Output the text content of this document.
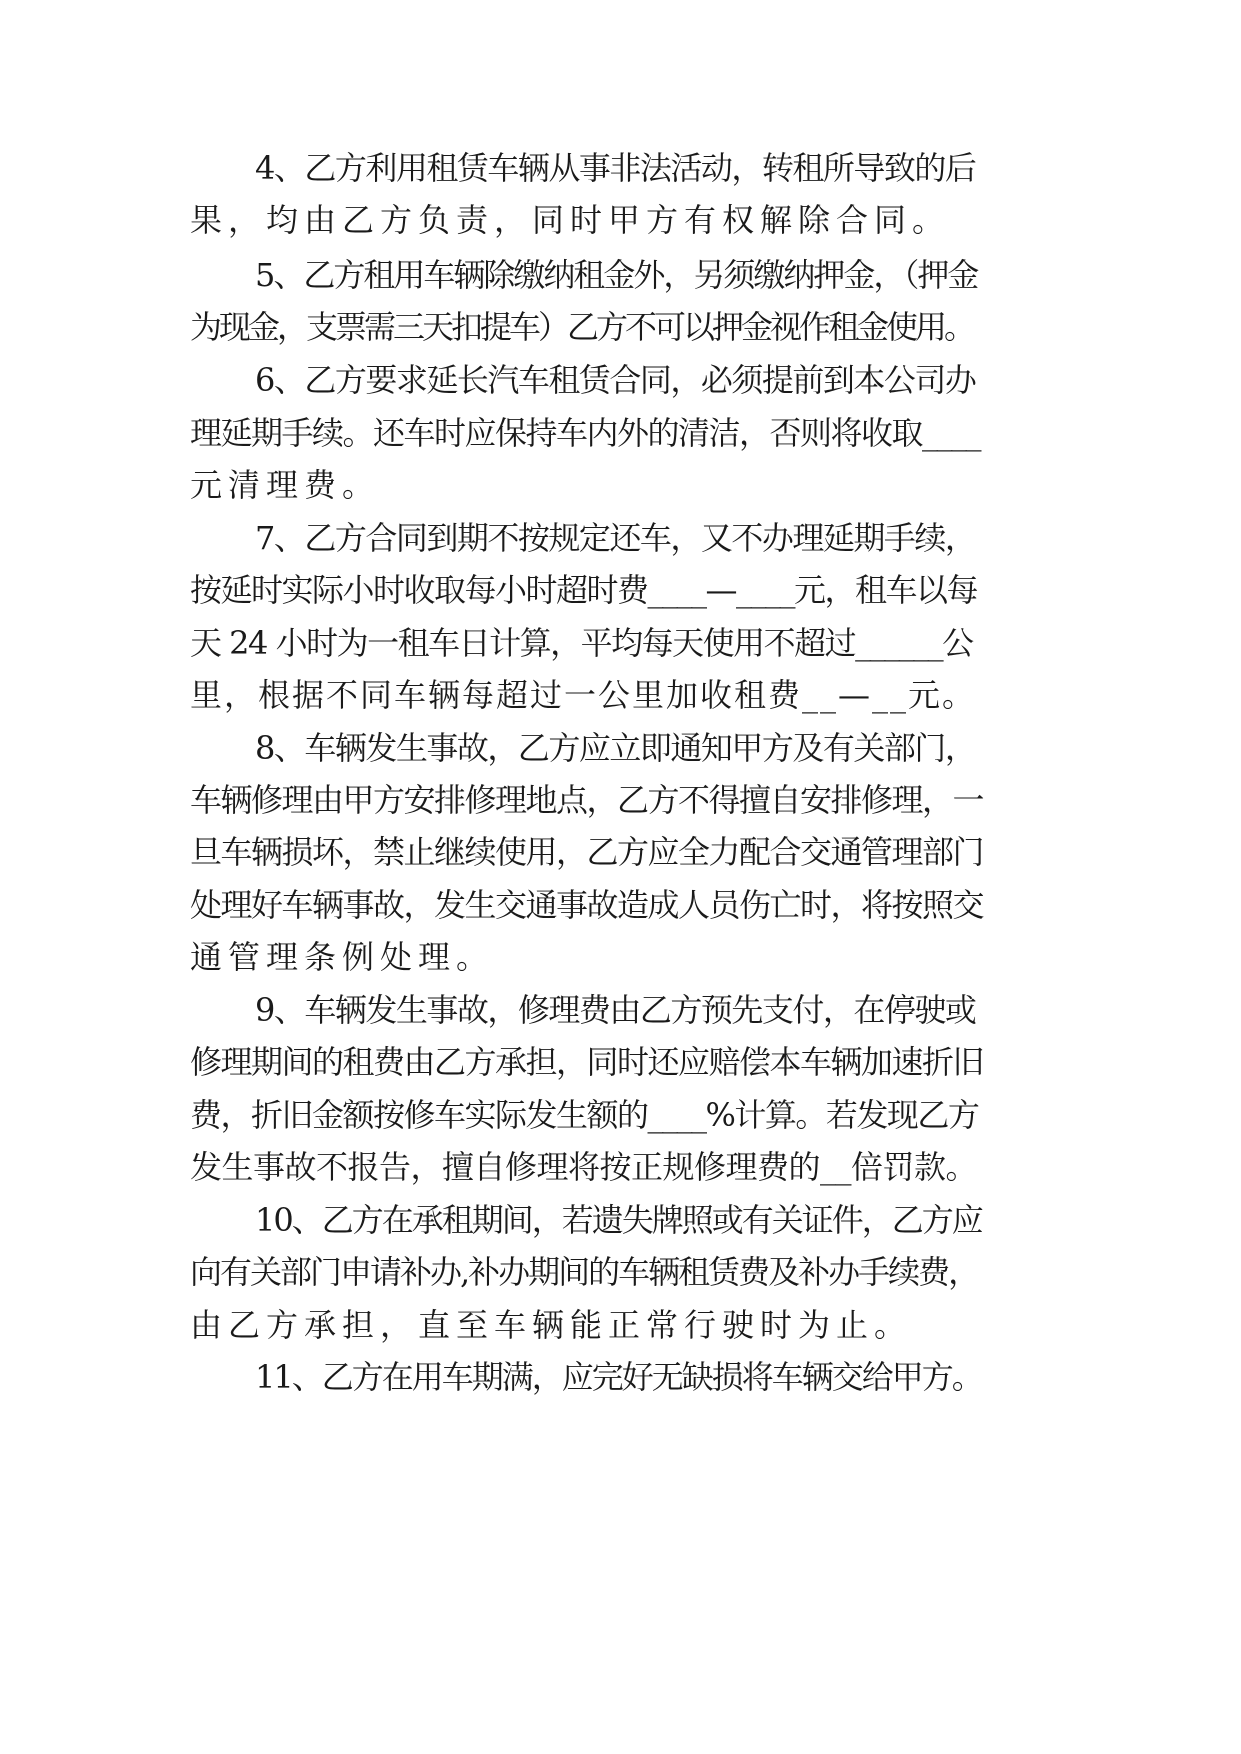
4、乙方利用租赁车辆从事非法活动，转租所导致的后
果，均由乙方负责，同时甲方有权解除合同。
5、乙方租用车辆除缴纳租金外，另须缴纳押金，（押金
为现金，支票需三天扣提车）乙方不可以押金视作租金使用。
6、乙方要求延长汽车租赁合同，必须提前到本公司办
理延期手续。还车时应保持车内外的清洁，否则将收取____
元清理费。
7、乙方合同到期不按规定还车，又不办理延期手续，
按延时实际小时收取每小时超时费____—____元，租车以每
天 24 小时为一租车日计算，平均每天使用不超过______公
里，根据不同车辆每超过一公里加收租费__—__元。
8、车辆发生事故，乙方应立即通知甲方及有关部门，
车辆修理由甲方安排修理地点，乙方不得擅自安排修理，一
旦车辆损坏，禁止继续使用，乙方应全力配合交通管理部门
处理好车辆事故，发生交通事故造成人员伤亡时，将按照交
通管理条例处理。
9、车辆发生事故，修理费由乙方预先支付，在停驶或
修理期间的租费由乙方承担，同时还应赔偿本车辆加速折旧
费，折旧金额按修车实际发生额的____%计算。若发现乙方
发生事故不报告，擅自修理将按正规修理费的__倍罚款。
10、乙方在承租期间，若遗失牌照或有关证件，乙方应
向有关部门申请补办,补办期间的车辆租赁费及补办手续费，
由乙方承担，直至车辆能正常行驶时为止。
11、乙方在用车期满，应完好无缺损将车辆交给甲方。
